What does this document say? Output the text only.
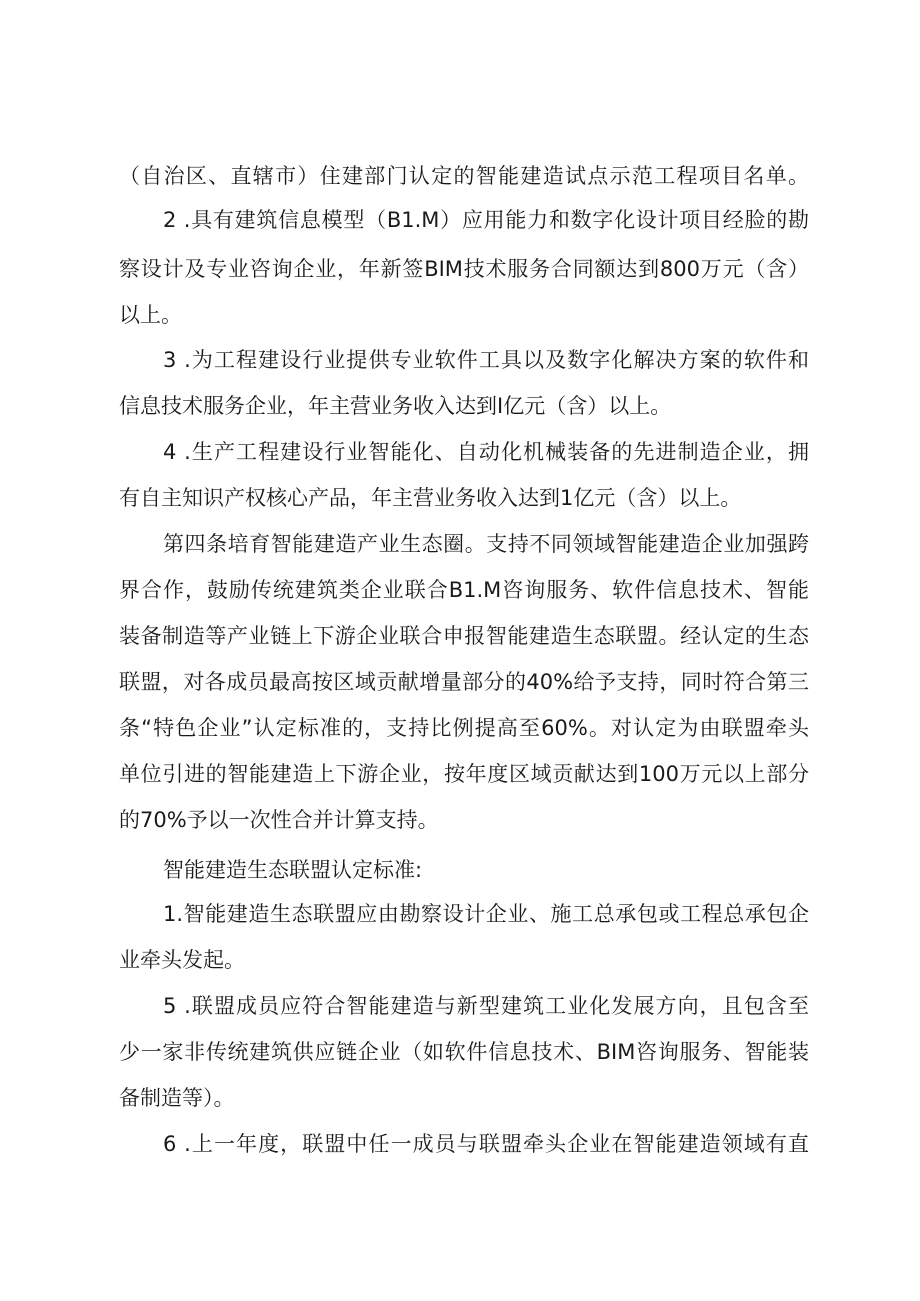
（自治区、直辖市）住建部门认定的智能建造试点示范工程项目名单。
2 .具有建筑信息模型（B1.M）应用能力和数字化设计项目经脸的勘
察设计及专业咨询企业，年新签BIM技术服务合同额达到800万元（含）
以上。
3 .为工程建设行业提供专业软件工具以及数字化解决方案的软件和
信息技术服务企业，年主营业务收入达到I亿元（含）以上。
4 .生产工程建设行业智能化、自动化机械装备的先进制造企业，拥
有自主知识产权核心产品，年主营业务收入达到1亿元（含）以上。
第四条培育智能建造产业生态圈。支持不同领域智能建造企业加强跨
界合作，鼓励传统建筑类企业联合B1.M咨询服务、软件信息技术、智能
装备制造等产业链上下游企业联合申报智能建造生态联盟。经认定的生态
联盟，对各成员最高按区域贡献增量部分的40%给予支持，同时符合第三
条“特色企业”认定标准的，支持比例提高至60%。对认定为由联盟牵头
单位引进的智能建造上下游企业，按年度区域贡献达到100万元以上部分
的70%予以一次性合并计算支持。
智能建造生态联盟认定标准:
1.智能建造生态联盟应由勘察设计企业、施工总承包或工程总承包企
业牵头发起。
5 .联盟成员应符合智能建造与新型建筑工业化发展方向，且包含至
少一家非传统建筑供应链企业（如软件信息技术、BIM咨询服务、智能装
备制造等）。
6 .上一年度，联盟中任一成员与联盟牵头企业在智能建造领域有直
